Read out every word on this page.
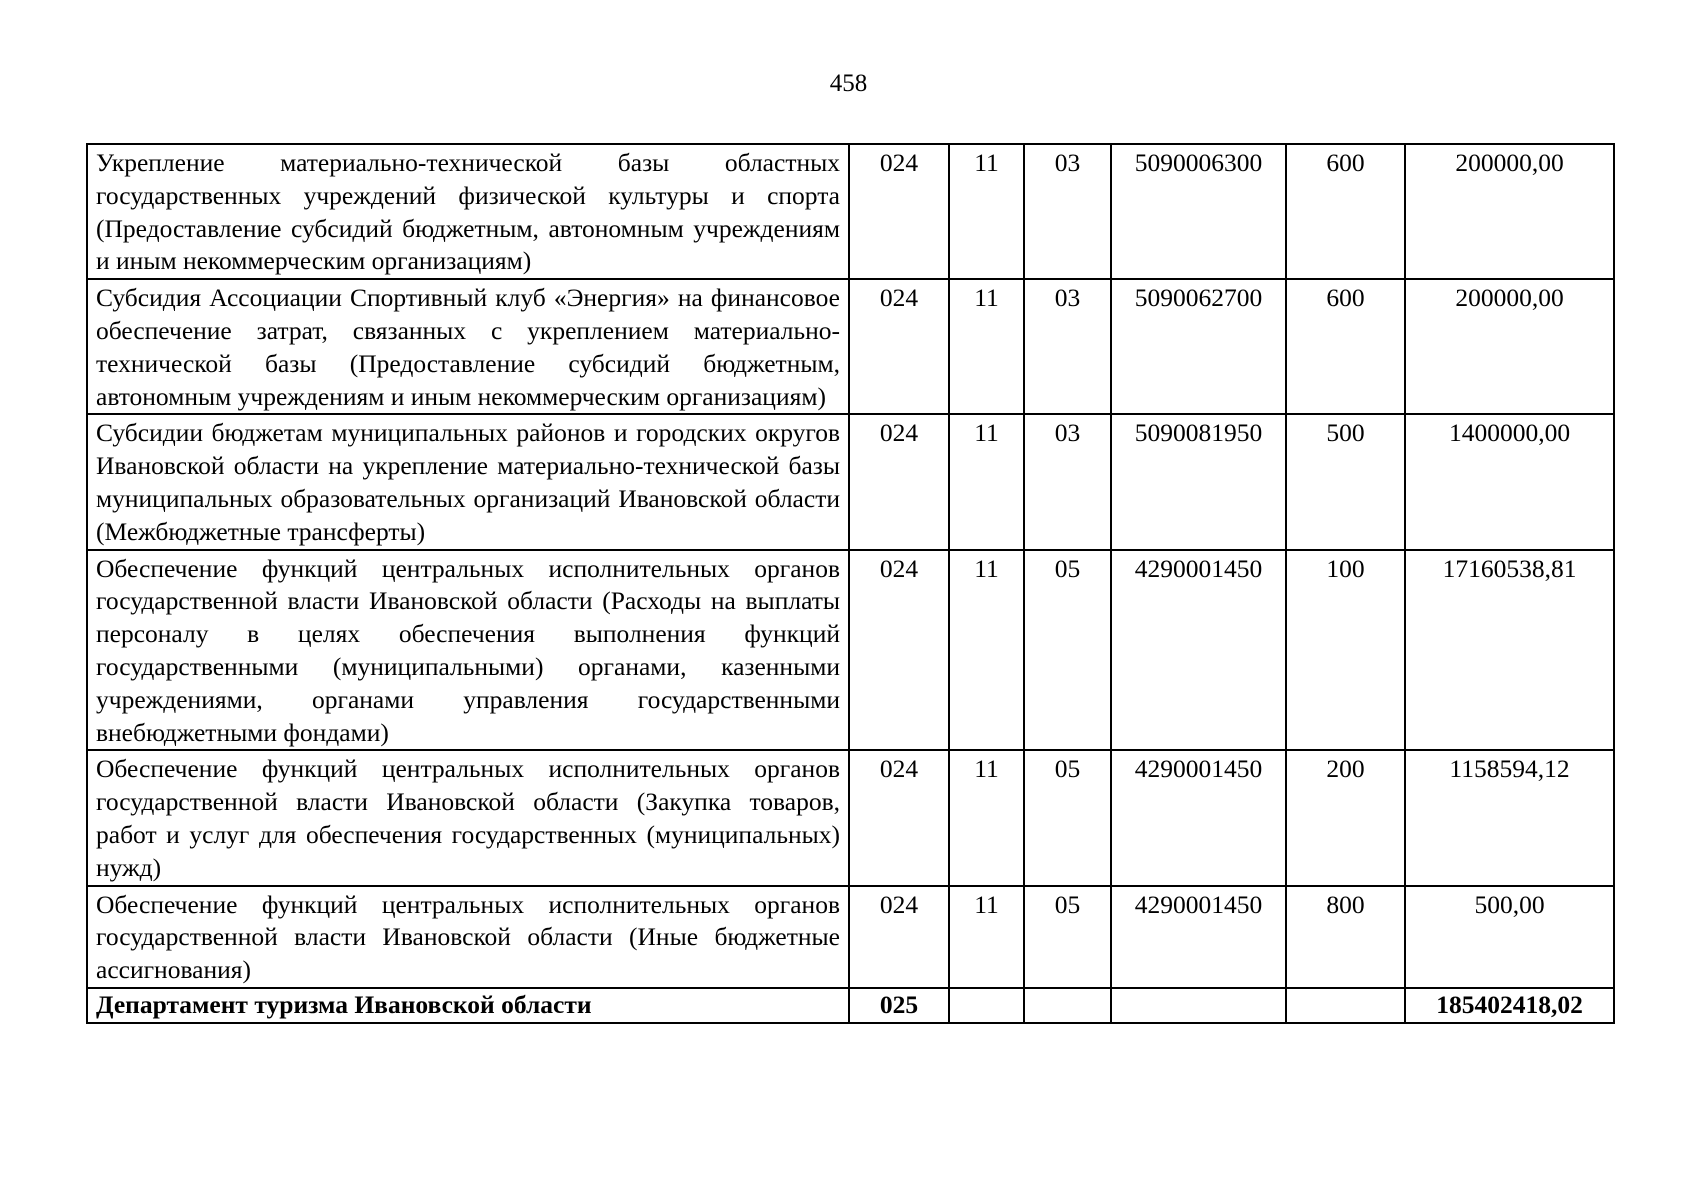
458
Укрепление материально-технической базы областных государственных учреждений физической культуры и спорта (Предоставление субсидий бюджетным, автономным учреждениям и иным некоммерческим организациям)	024	11	03	5090006300	600	200000,00
Субсидия Ассоциации Спортивный клуб «Энергия» на финансовое обеспечение затрат, связанных с укреплением материально-технической базы (Предоставление субсидий бюджетным, автономным учреждениям и иным некоммерческим организациям)	024	11	03	5090062700	600	200000,00
Субсидии бюджетам муниципальных районов и городских округов Ивановской области на укрепление материально-технической базы муниципальных образовательных организаций Ивановской области (Межбюджетные трансферты)	024	11	03	5090081950	500	1400000,00
Обеспечение функций центральных исполнительных органов государственной власти Ивановской области (Расходы на выплаты персоналу в целях обеспечения выполнения функций государственными (муниципальными) органами, казенными учреждениями, органами управления государственными внебюджетными фондами)	024	11	05	4290001450	100	17160538,81
Обеспечение функций центральных исполнительных органов государственной власти Ивановской области (Закупка товаров, работ и услуг для обеспечения государственных (муниципальных) нужд)	024	11	05	4290001450	200	1158594,12
Обеспечение функций центральных исполнительных органов государственной власти Ивановской области (Иные бюджетные ассигнования)	024	11	05	4290001450	800	500,00
Департамент туризма Ивановской области	025					185402418,02
